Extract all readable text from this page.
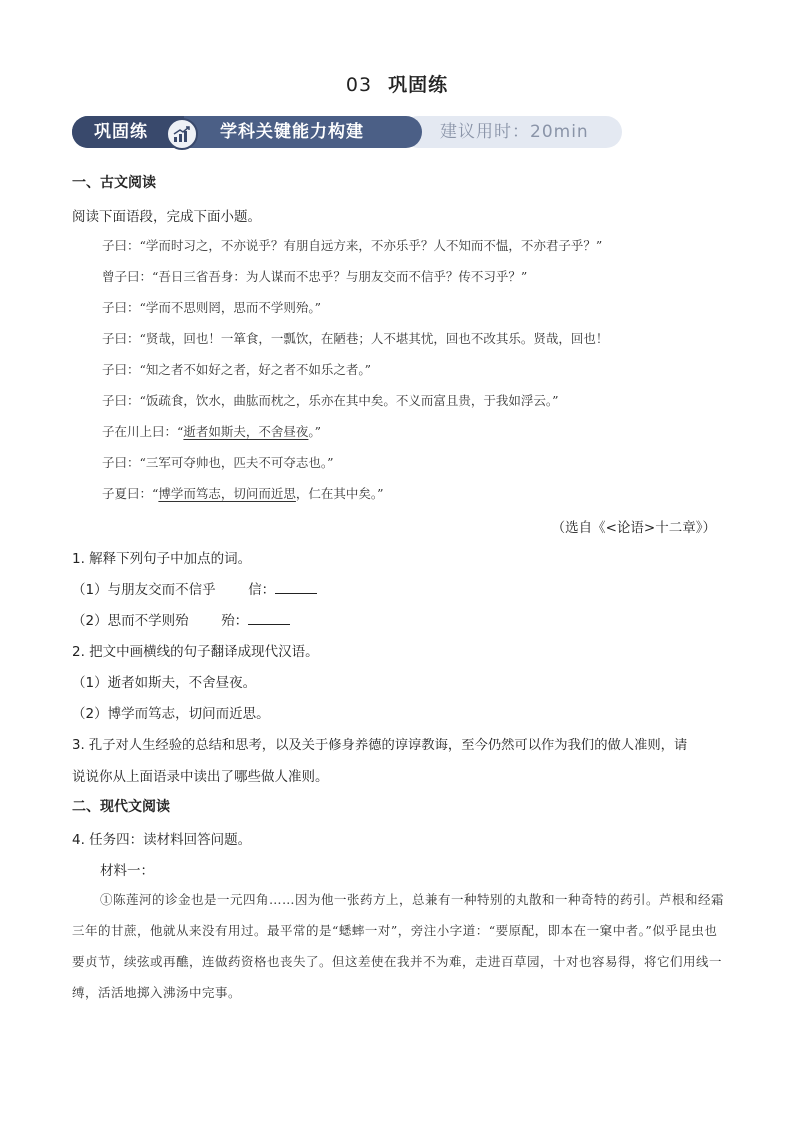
03 巩固练
巩固练	学科关键能力构建	建议用时：20min
一、古文阅读
阅读下面语段，完成下面小题。
子曰：“学而时习之，不亦说乎？有朋自远方来，不亦乐乎？人不知而不愠，不亦君子乎？”
曾子曰：“吾日三省吾身：为人谋而不忠乎？与朋友交而不信乎？传不习乎？”
子曰：“学而不思则罔，思而不学则殆。”
子曰：“贤哉，回也！一箪食，一瓢饮，在陋巷；人不堪其忧，回也不改其乐。贤哉，回也！
子曰：“知之者不如好之者，好之者不如乐之者。”
子曰：“饭疏食，饮水，曲肱而枕之，乐亦在其中矣。不义而富且贵，于我如浮云。”
子在川上曰：“逝者如斯夫，不舍昼夜。”
子曰：“三军可夺帅也，匹夫不可夺志也。”
子夏曰：“博学而笃志，切问而近思，仁在其中矣。”
（选自《<论语>十二章》）
1. 解释下列句子中加点的词。
（1）与朋友交而不信乎 信：
（2）思而不学则殆 殆：
2. 把文中画横线的句子翻译成现代汉语。
（1）逝者如斯夫，不舍昼夜。
（2）博学而笃志，切问而近思。
3. 孔子对人生经验的总结和思考，以及关于修身养德的谆谆教诲，至今仍然可以作为我们的做人准则，请
说说你从上面语录中读出了哪些做人准则。
二、现代文阅读
4. 任务四：读材料回答问题。
材料一：
①陈莲河的诊金也是一元四角……因为他一张药方上，总兼有一种特别的丸散和一种奇特的药引。芦根和经霜三年的甘蔗，他就从来没有用过。最平常的是“蟋蟀一对”，旁注小字道：“要原配，即本在一窠中者。”似乎昆虫也要贞节，续弦或再醮，连做药资格也丧失了。但这差使在我并不为难，走进百草园，十对也容易得，将它们用线一缚，活活地掷入沸汤中完事。
